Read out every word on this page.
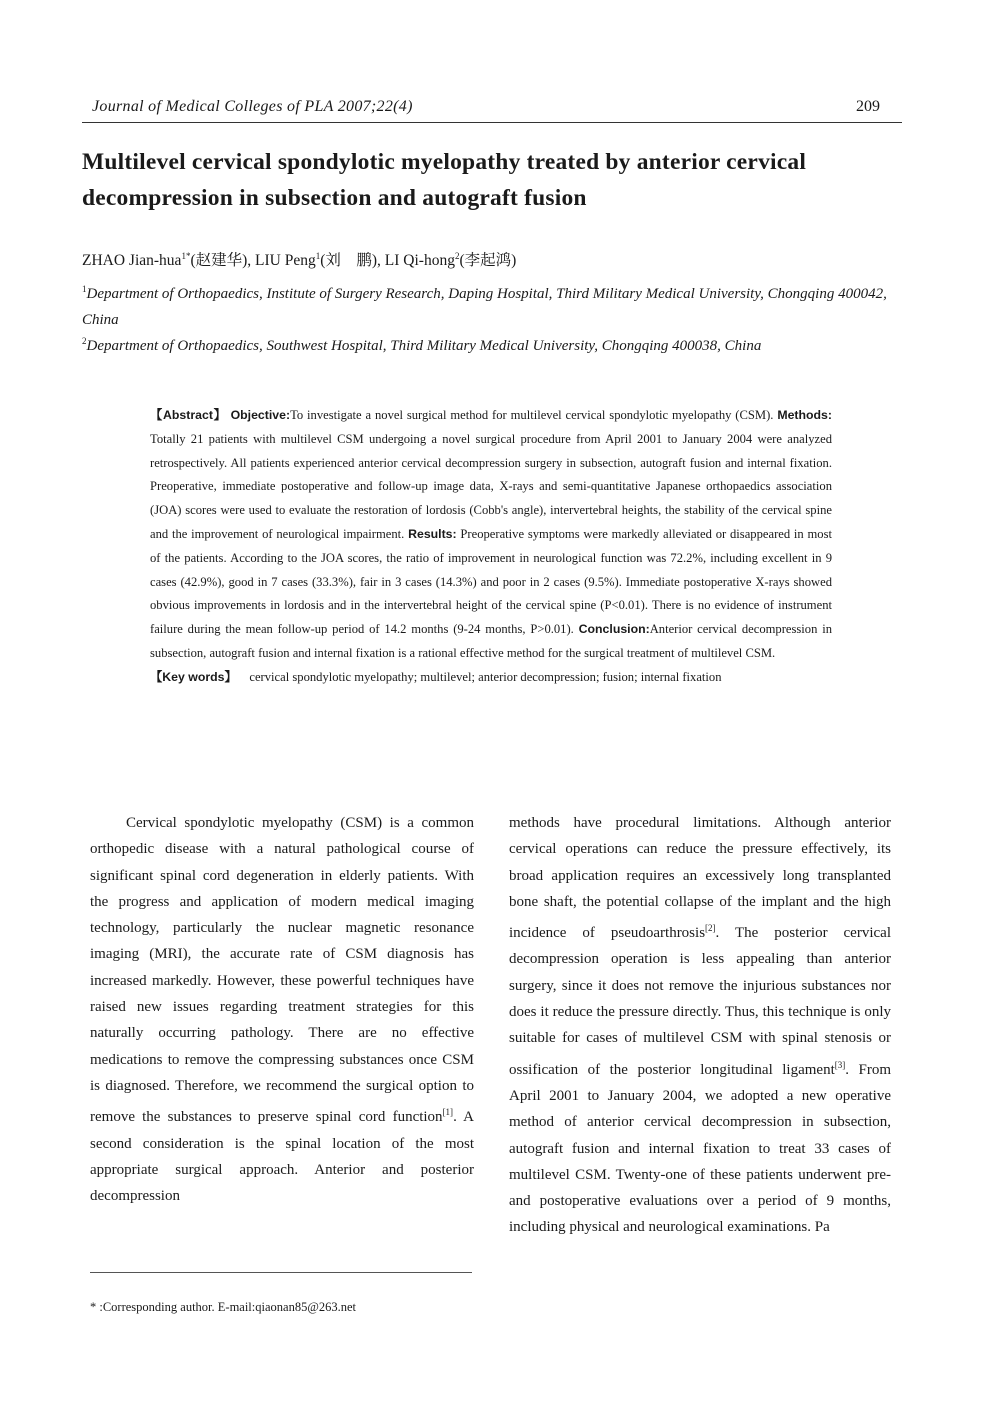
Journal of Medical Colleges of PLA 2007;22(4)	209
Multilevel cervical spondylotic myelopathy treated by anterior cervical decompression in subsection and autograft fusion
ZHAO Jian-hua$^{1*}$(赵建华), LIU Peng$^1$(刘　鹏), LI Qi-hong$^2$(李起鸿)
$^1$Department of Orthopaedics, Institute of Surgery Research, Daping Hospital, Third Military Medical University, Chongqing 400042, China
$^2$Department of Orthopaedics, Southwest Hospital, Third Military Medical University, Chongqing 400038, China

【Abstract】 Objective:To investigate a novel surgical method for multilevel cervical spondylotic myelopathy (CSM). Methods: Totally 21 patients with multilevel CSM undergoing a novel surgical procedure from April 2001 to January 2004 were analyzed retrospectively. All patients experienced anterior cervical decompression surgery in subsection, autograft fusion and internal fixation. Preoperative, immediate postoperative and follow-up image data, X-rays and semi-quantitative Japanese orthopaedics association (JOA) scores were used to evaluate the restoration of lordosis (Cobb's angle), intervertebral heights, the stability of the cervical spine and the improvement of neurological impairment. Results: Preoperative symptoms were markedly alleviated or disappeared in most of the patients. According to the JOA scores, the ratio of improvement in neurological function was 72.2%, including excellent in 9 cases (42.9%), good in 7 cases (33.3%), fair in 3 cases (14.3%) and poor in 2 cases (9.5%). Immediate postoperative X-rays showed obvious improvements in lordosis and in the intervertebral height of the cervical spine (P<0.01). There is no evidence of instrument failure during the mean follow-up period of 14.2 months (9-24 months, P>0.01). Conclusion:Anterior cervical decompression in subsection, autograft fusion and internal fixation is a rational effective method for the surgical treatment of multilevel CSM.

【Key words】 cervical spondylotic myelopathy; multilevel; anterior decompression; fusion; internal fixation

Cervical spondylotic myelopathy (CSM) is a common orthopedic disease with a natural pathological course of significant spinal cord degeneration in elderly patients. With the progress and application of modern medical imaging technology, particularly the nuclear magnetic resonance imaging (MRI), the accurate rate of CSM diagnosis has increased markedly. However, these powerful techniques have raised new issues regarding treatment strategies for this naturally occurring pathology. There are no effective medications to remove the compressing substances once CSM is diagnosed. Therefore, we recommend the surgical option to remove the substances to preserve spinal cord function[1]. A second consideration is the spinal location of the most appropriate surgical approach. Anterior and posterior decompression

methods have procedural limitations. Although anterior cervical operations can reduce the pressure effectively, its broad application requires an excessively long transplanted bone shaft, the potential collapse of the implant and the high incidence of pseudoarthrosis[2]. The posterior cervical decompression operation is less appealing than anterior surgery, since it does not remove the injurious substances nor does it reduce the pressure directly. Thus, this technique is only suitable for cases of multilevel CSM with spinal stenosis or ossification of the posterior longitudinal ligament[3]. From April 2001 to January 2004, we adopted a new operative method of anterior cervical decompression in subsection, autograft fusion and internal fixation to treat 33 cases of multilevel CSM. Twenty-one of these patients underwent pre-and postoperative evaluations over a period of 9 months, including physical and neurological examinations. Pa

* :Corresponding author. E-mail:qiaonan85@263.net
